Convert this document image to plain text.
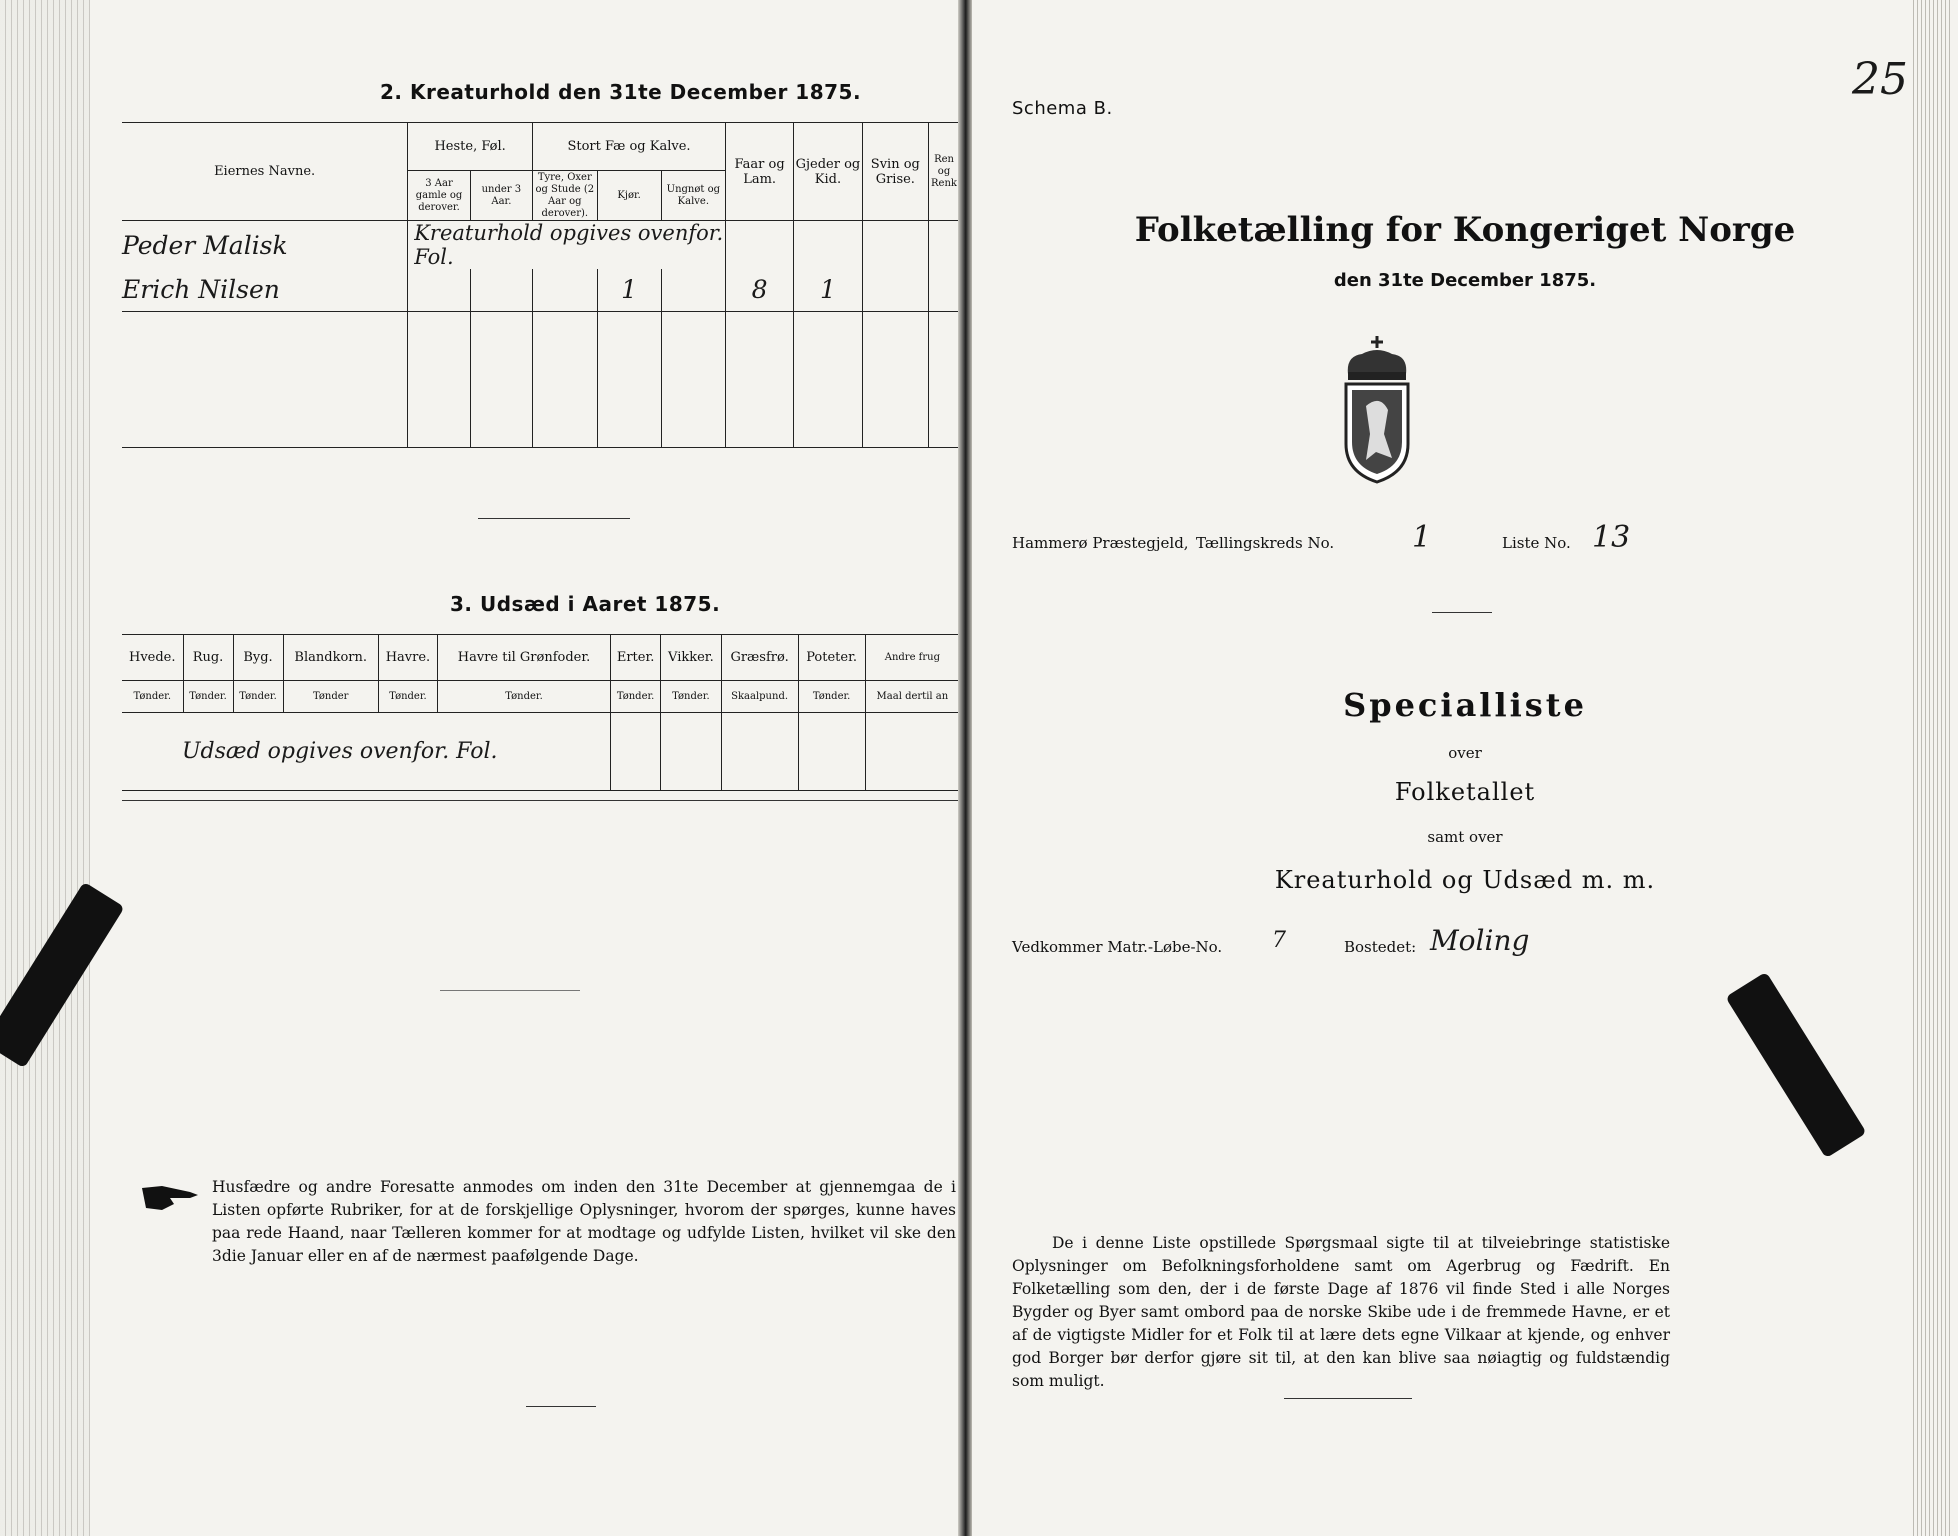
2. Kreaturhold den 31te December 1875.
Eiernes Navne.	Heste, Føl.		Stort Fæ og Kalve.			Faar og Lam.	Gjeder og Kid.	Svin og Grise.	Ren og Renk
	3 Aar gamle og derover.	under 3 Aar.	Tyre, Oxer og Stude (2 Aar og derover).	Kjør.	Ungnøt og Kalve.				
Peder Malisk	Kreaturhold opgives ovenfor. Fol.								
Erich Nilsen				1		8	1		

3. Udsæd i Aaret 1875.
Hvede.	Rug.	Byg.	Blandkorn.	Havre.	Havre til Grønfoder.	Erter.	Vikker.	Græsfrø.	Poteter.	Andre frug
Tønder.	Tønder.	Tønder.	Tønder	Tønder.	Tønder.	Tønder.	Tønder.	Skaalpund.	Tønder.	Maal dertil an
Udsæd opgives ovenfor. Fol.										
Husfædre og andre Foresatte anmodes om inden den 31te December at gjennemgaa de i Listen opførte Rubriker, for at de forskjellige Oplysninger, hvorom der spørges, kunne haves paa rede Haand, naar Tælleren kommer for at modtage og udfylde Listen, hvilket vil ske den 3die Januar eller en af de nærmest paafølgende Dage.
Schema B.
25
Folketælling for Kongeriget Norge
den 31te December 1875.
Hammerø Præstegjeld, Tællingskreds No.	1	Liste No. 13
Specialliste
over
Folketallet
samt over
Kreaturhold og Udsæd m. m.
Vedkommer Matr.-Løbe-No. 7	Bostedet: Moling
De i denne Liste opstillede Spørgsmaal sigte til at tilveiebringe statistiske Oplysninger om Befolkningsforholdene samt om Agerbrug og Fædrift. En Folketælling som den, der i de første Dage af 1876 vil finde Sted i alle Norges Bygder og Byer samt ombord paa de norske Skibe ude i de fremmede Havne, er et af de vigtigste Midler for et Folk til at lære dets egne Vilkaar at kjende, og enhver god Borger bør derfor gjøre sit til, at den kan blive saa nøiagtig og fuldstændig som muligt.
